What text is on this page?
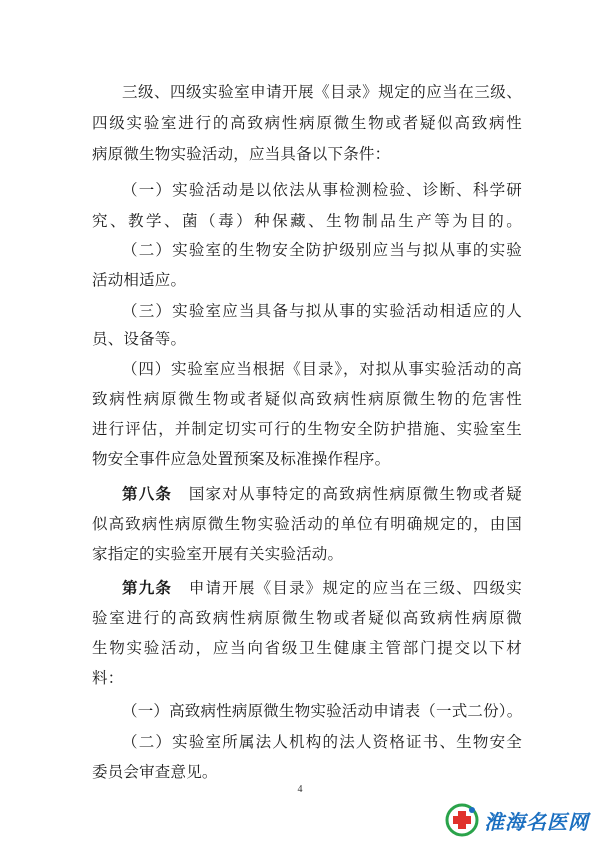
三级、四级实验室申请开展《目录》规定的应当在三级、
四级实验室进行的高致病性病原微生物或者疑似高致病性
病原微生物实验活动，应当具备以下条件：
（一）实验活动是以依法从事检测检验、诊断、科学研
究、教学、菌（毒）种保藏、生物制品生产等为目的。
（二）实验室的生物安全防护级别应当与拟从事的实验
活动相适应。
（三）实验室应当具备与拟从事的实验活动相适应的人
员、设备等。
（四）实验室应当根据《目录》，对拟从事实验活动的高
致病性病原微生物或者疑似高致病性病原微生物的危害性
进行评估，并制定切实可行的生物安全防护措施、实验室生
物安全事件应急处置预案及标准操作程序。
第八条　 国家对从事特定的高致病性病原微生物或者疑
似高致病性病原微生物实验活动的单位有明确规定的，由国
家指定的实验室开展有关实验活动。
第九条　 申请开展《目录》规定的应当在三级、四级实
验室进行的高致病性病原微生物或者疑似高致病性病原微
生物实验活动，应当向省级卫生健康主管部门提交以下材
料：
（一）高致病性病原微生物实验活动申请表（一式二份）。
（二）实验室所属法人机构的法人资格证书、生物安全
委员会审查意见。
4
淮海名医网
